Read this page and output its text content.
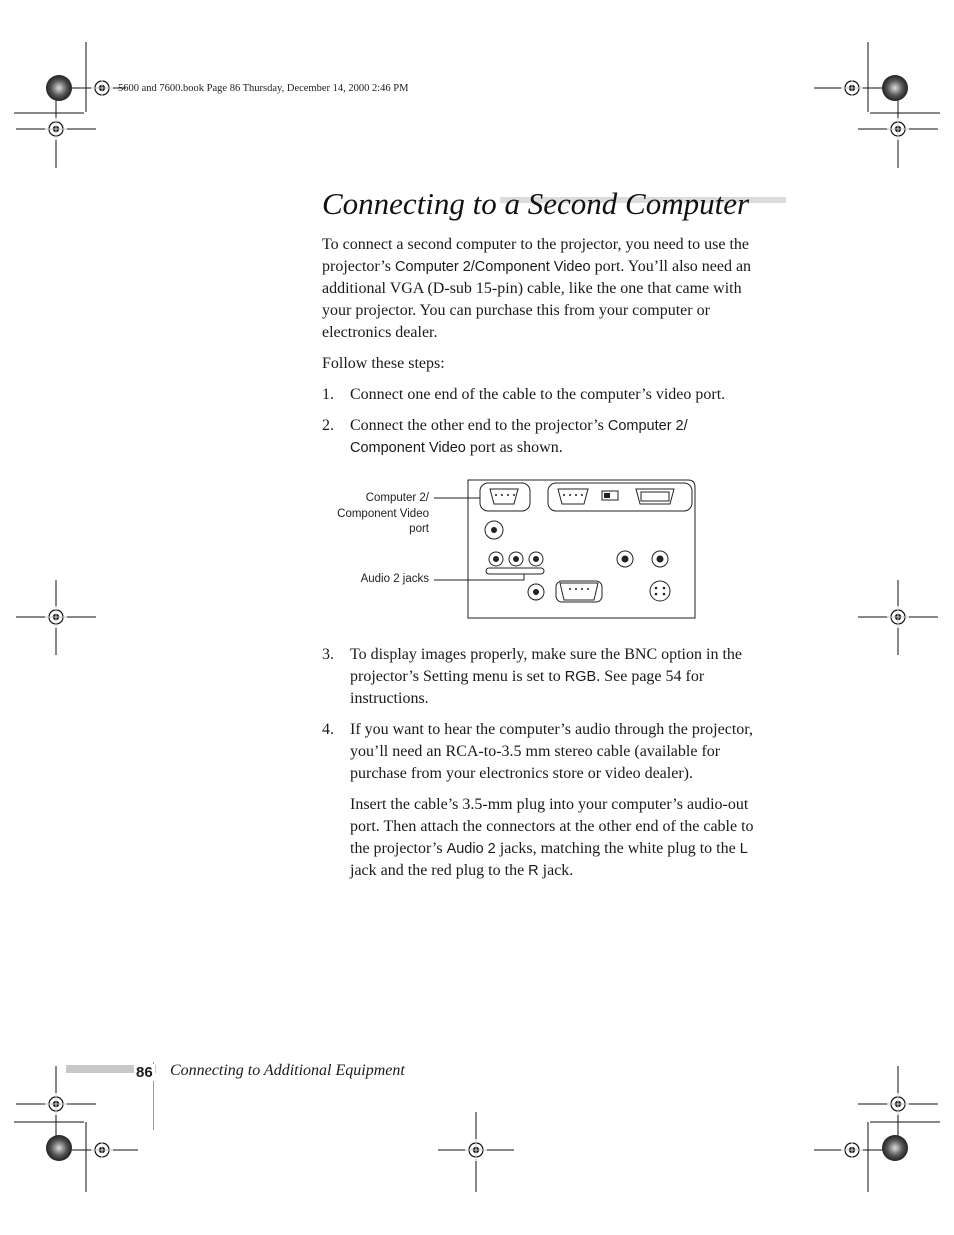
5600 and 7600.book Page 86 Thursday, December 14, 2000 2:46 PM
Connecting to a Second Computer
To connect a second computer to the projector, you need to use the
projector’s Computer 2/Component Video port. You’ll also need an
additional VGA (D-sub 15-pin) cable, like the one that came with
your projector. You can purchase this from your computer or
electronics dealer.
Follow these steps:
1. Connect one end of the cable to the computer’s video port.
2. Connect the other end to the projector’s Computer 2/
Component Video port as shown.
Computer 2/
Component Video
port
Audio 2 jacks
3. To display images properly, make sure the BNC option in the
projector’s Setting menu is set to RGB. See page 54 for
instructions.
4. If you want to hear the computer’s audio through the projector,
you’ll need an RCA-to-3.5 mm stereo cable (available for
purchase from your electronics store or video dealer).
Insert the cable’s 3.5-mm plug into your computer’s audio-out
port. Then attach the connectors at the other end of the cable to
the projector’s Audio 2 jacks, matching the white plug to the L
jack and the red plug to the R jack.
86 Connecting to Additional Equipment
